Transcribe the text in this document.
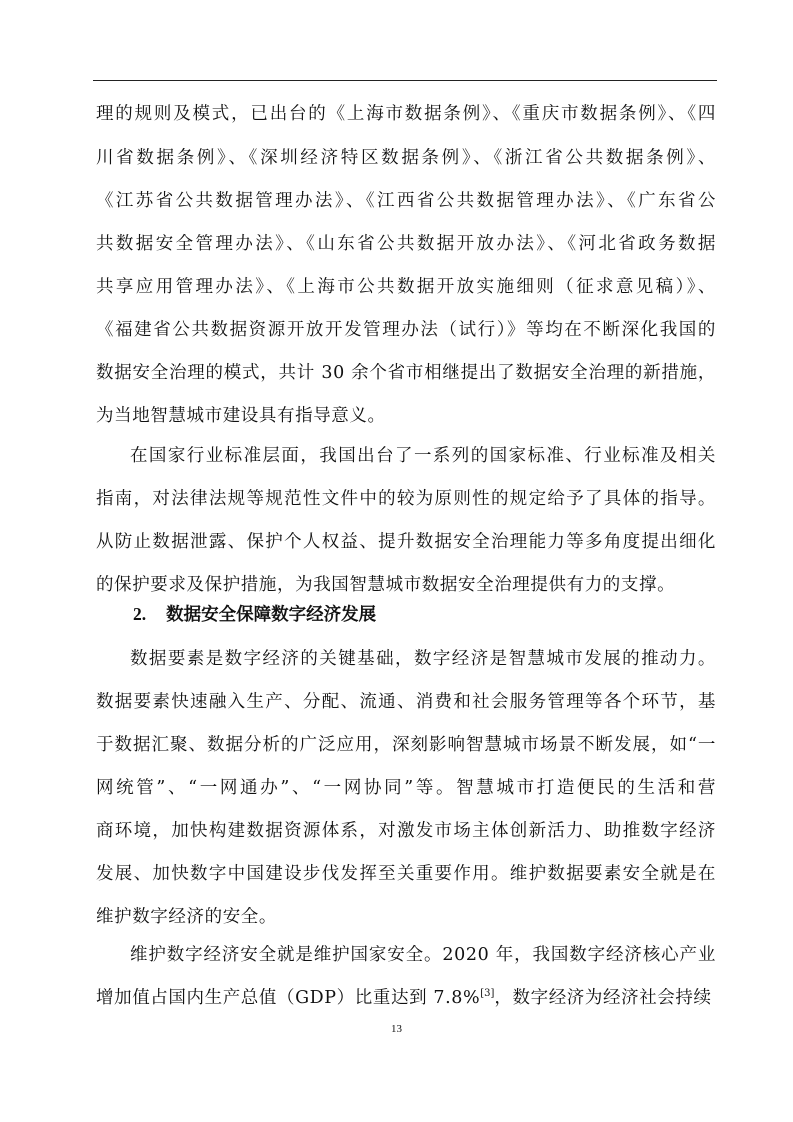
理的规则及模式，已出台的《上海市数据条例》、《重庆市数据条例》、《四
川省数据条例》、《深圳经济特区数据条例》、《浙江省公共数据条例》、
《江苏省公共数据管理办法》、《江西省公共数据管理办法》、《广东省公
共数据安全管理办法》、《山东省公共数据开放办法》、《河北省政务数据
共享应用管理办法》、《上海市公共数据开放实施细则（征求意见稿）》、
《福建省公共数据资源开放开发管理办法（试行）》等均在不断深化我国的
数据安全治理的模式，共计 30 余个省市相继提出了数据安全治理的新措施，
为当地智慧城市建设具有指导意义。
在国家行业标准层面，我国出台了一系列的国家标准、行业标准及相关
指南，对法律法规等规范性文件中的较为原则性的规定给予了具体的指导。
从防止数据泄露、保护个人权益、提升数据安全治理能力等多角度提出细化
的保护要求及保护措施，为我国智慧城市数据安全治理提供有力的支撑。
2. 数据安全保障数字经济发展
数据要素是数字经济的关键基础，数字经济是智慧城市发展的推动力。
数据要素快速融入生产、分配、流通、消费和社会服务管理等各个环节，基
于数据汇聚、数据分析的广泛应用，深刻影响智慧城市场景不断发展，如“一
网统管”、“一网通办”、“一网协同”等。智慧城市打造便民的生活和营
商环境，加快构建数据资源体系，对激发市场主体创新活力、助推数字经济
发展、加快数字中国建设步伐发挥至关重要作用。维护数据要素安全就是在
维护数字经济的安全。
维护数字经济安全就是维护国家安全。2020 年，我国数字经济核心产业
增加值占国内生产总值（GDP）比重达到 7.8%[3]，数字经济为经济社会持续
13
